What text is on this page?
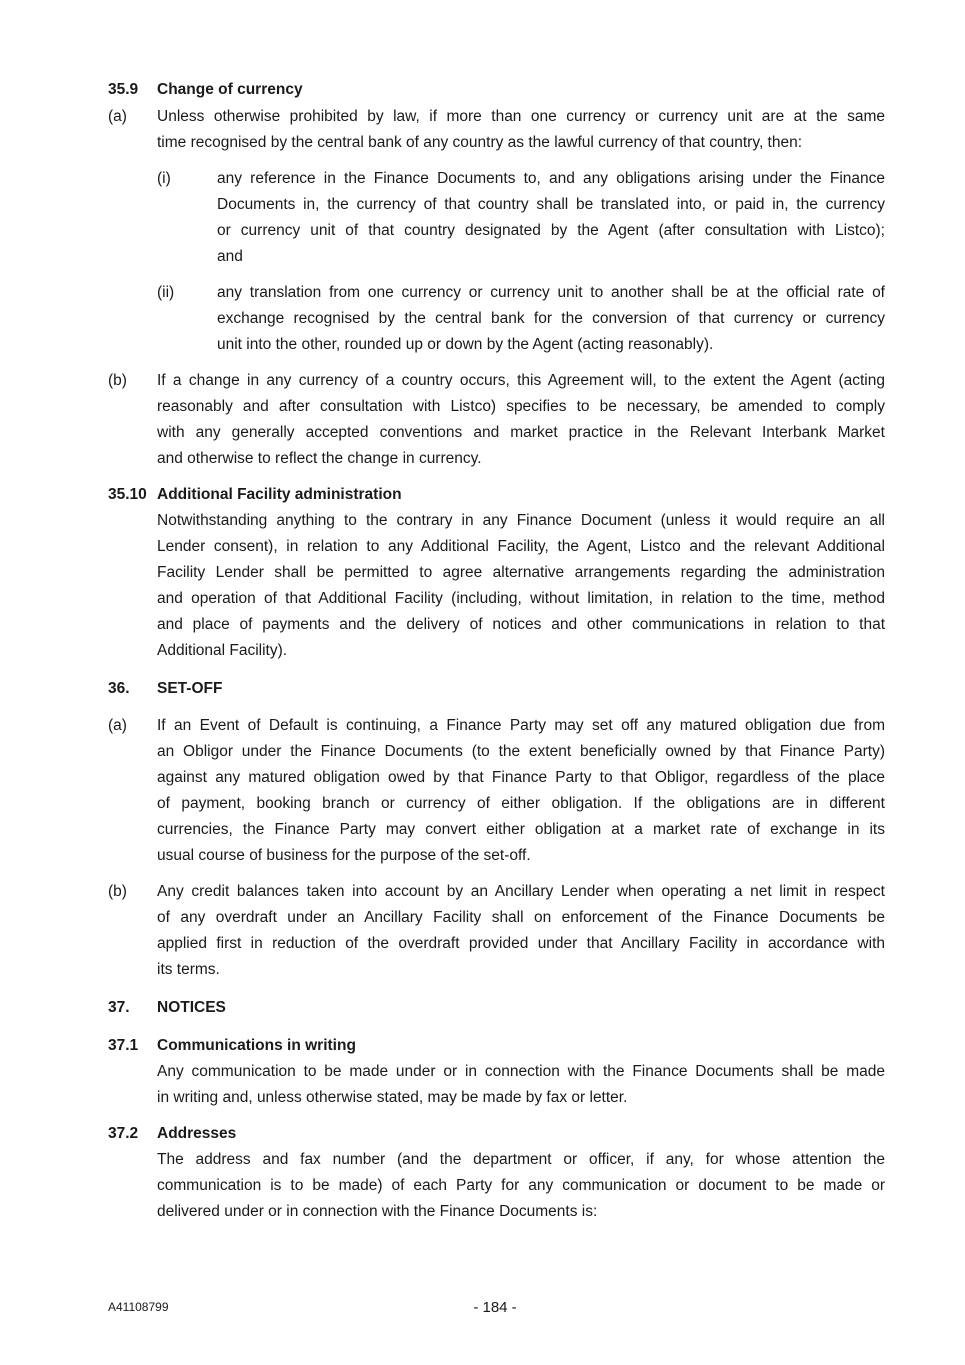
35.9 Change of currency
(a) Unless otherwise prohibited by law, if more than one currency or currency unit are at the same
time recognised by the central bank of any country as the lawful currency of that country, then:
(i)	any reference in the Finance Documents to, and any obligations arising under the Finance
Documents in, the currency of that country shall be translated into, or paid in, the currency
or currency unit of that country designated by the Agent (after consultation with Listco);
and
(ii)	any translation from one currency or currency unit to another shall be at the official rate of
exchange recognised by the central bank for the conversion of that currency or currency
unit into the other, rounded up or down by the Agent (acting reasonably).
(b) If a change in any currency of a country occurs, this Agreement will, to the extent the Agent (acting
reasonably and after consultation with Listco) specifies to be necessary, be amended to comply
with any generally accepted conventions and market practice in the Relevant Interbank Market
and otherwise to reflect the change in currency.
35.10 Additional Facility administration
Notwithstanding anything to the contrary in any Finance Document (unless it would require an all
Lender consent), in relation to any Additional Facility, the Agent, Listco and the relevant Additional
Facility Lender shall be permitted to agree alternative arrangements regarding the administration
and operation of that Additional Facility (including, without limitation, in relation to the time, method
and place of payments and the delivery of notices and other communications in relation to that
Additional Facility).
36. SET-OFF
(a) If an Event of Default is continuing, a Finance Party may set off any matured obligation due from
an Obligor under the Finance Documents (to the extent beneficially owned by that Finance Party)
against any matured obligation owed by that Finance Party to that Obligor, regardless of the place
of payment, booking branch or currency of either obligation. If the obligations are in different
currencies, the Finance Party may convert either obligation at a market rate of exchange in its
usual course of business for the purpose of the set-off.
(b) Any credit balances taken into account by an Ancillary Lender when operating a net limit in respect
of any overdraft under an Ancillary Facility shall on enforcement of the Finance Documents be
applied first in reduction of the overdraft provided under that Ancillary Facility in accordance with
its terms.
37. NOTICES
37.1 Communications in writing
Any communication to be made under or in connection with the Finance Documents shall be made
in writing and, unless otherwise stated, may be made by fax or letter.
37.2 Addresses
The address and fax number (and the department or officer, if any, for whose attention the
communication is to be made) of each Party for any communication or document to be made or
delivered under or in connection with the Finance Documents is:
A41108799	- 184 -
